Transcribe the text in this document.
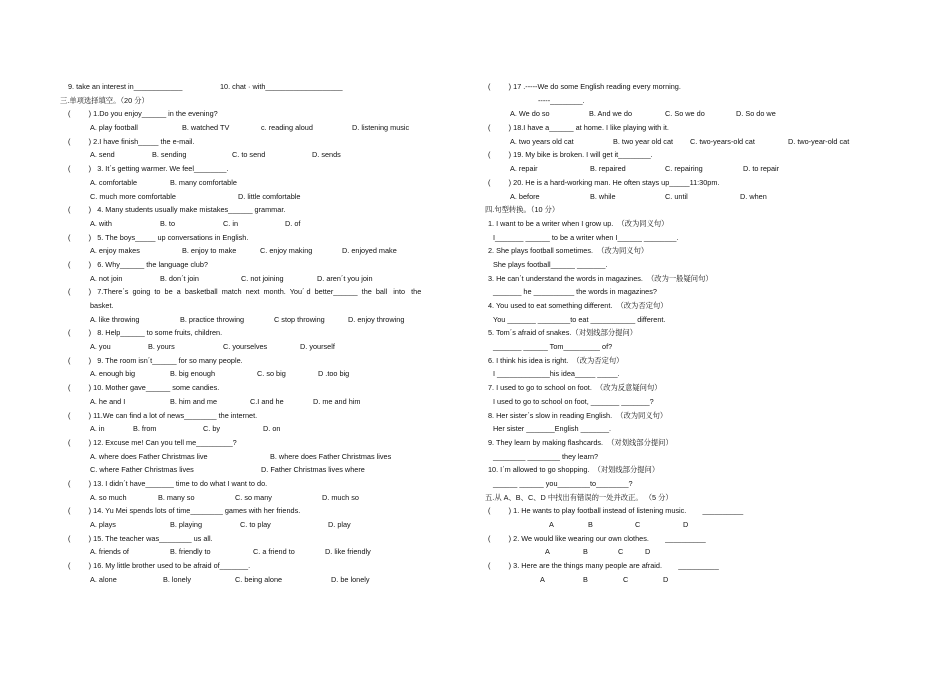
9. take an interest in____________	10. chat · with___________________
三.单项选择填空。（20 分）
(         ) 1.Do you enjoy______ in the evening?
A. play football	B. watched TV	c. reading aloud	D. listening music
(         ) 2.I have finish_____ the e-mail.
A. send	B. sending	C. to send	D. sends
(         )   3. It΄s getting warmer. We feel________.
A. comfortable	B. many comfortable
C. much more comfortable	D. little comfortable
(         )   4. Many students usually make mistakes______ grammar.
A. with	B. to	C. in	D. of
(         )   5. The boys_____ up conversations in English.
A. enjoy makes	B. enjoy to make	C. enjoy making	D. enjoyed make
(         )   6. Why______ the language club?
A. not join	B. don΄t join	C. not joining	D. aren΄t you join
(         )   7.There΄s  going  to  be  a  basketball  match  next  month.  You΄ d  better______  the  ball   into   the
basket.
A. like throwing	B. practice throwing	C stop throwing	D. enjoy throwing
(         )   8. Help______ to some fruits, children.
A. you	B. yours	C. yourselves	D. yourself
(         )   9. The room isn΄t______ for so many people.
A. enough big	B. big enough	C. so big	D .too big
(         ) 10. Mother gave______ some candies.
A. he and I	B. him and me	C.I and he	D. me and him
(         ) 11.We can find a lot of news________ the internet.
A. in	B. from	C. by	D. on
(         ) 12. Excuse me! Can you tell me_________?
A. where does Father Christmas live	B. where does Father Christmas lives
C. where Father Christmas lives	D. Father Christmas lives where
(         ) 13. I didn΄t have_______ time to do what I want to do.
A. so much	B. many so	C. so many	D. much so
(         ) 14. Yu Mei spends lots of time________ games with her friends.
A. plays	B. playing	C. to play	D. play
(         ) 15. The teacher was________ us all.
A. friends of	B. friendly to	C. a friend to	D. like friendly
(         ) 16. My little brother used to be afraid of_______.
A. alone	B. lonely	C. being alone	D. be lonely
(         ) 17 .-----We do some English reading every morning.
-----________.
A. We do so	B. And we do	C. So we do	D. So do we
(         ) 18.I have a______ at home. I like playing with it.
A. two years old cat	B. two year old cat C. two-years-old cat	D. two-year-old cat
(         ) 19. My bike is broken. I will get it________.
A. repair	B. repaired	C. repairing	D. to repair
(         ) 20. He is a hard-working man. He often stays up_____11:30pm.
A. before	B. while	C. until	D. when
四.句型转换。（10 分）
1. I want to be a writer when I grow up.  （改为同义句）
I_______ ______ to be a writer when I______ ________.
2. She plays football sometimes.  （改为同义句）
She plays football______ _______.
3. He can΄t understand the words in magazines.  （改为一般疑问句）
_______ he __________ the words in magazines?
4. You used to eat something different.  （改为否定句）
You _______ ________to eat ___________ different.
5. Tom΄s afraid of snakes.（对划线部分提问）
_______ ______ Tom_________ of?
6. I think his idea is right.  （改为否定句）
I _____________his idea_____ _____.
7. I used to go to school on foot.  （改为反意疑问句）
I used to go to school on foot, _______ _______?
8. Her sister΄s slow in reading English.  （改为同义句）
Her sister _______English _______.
9. They learn by making flashcards.  （对划线部分提问）
________ ________ they learn?
10. I΄m allowed to go shopping.  （对划线部分提问）
______ ______ you________to________?
五.从 A、B、C、D 中找出有错误的一处并改正。 （5 分）
(         ) 1. He wants to play football instead of listening music.        __________
A	B	C	D
(         ) 2. We would like wearing our own clothes.        __________
A	B	C	D
(         ) 3. Here are the things many people are afraid.        __________
A	B	C	D
